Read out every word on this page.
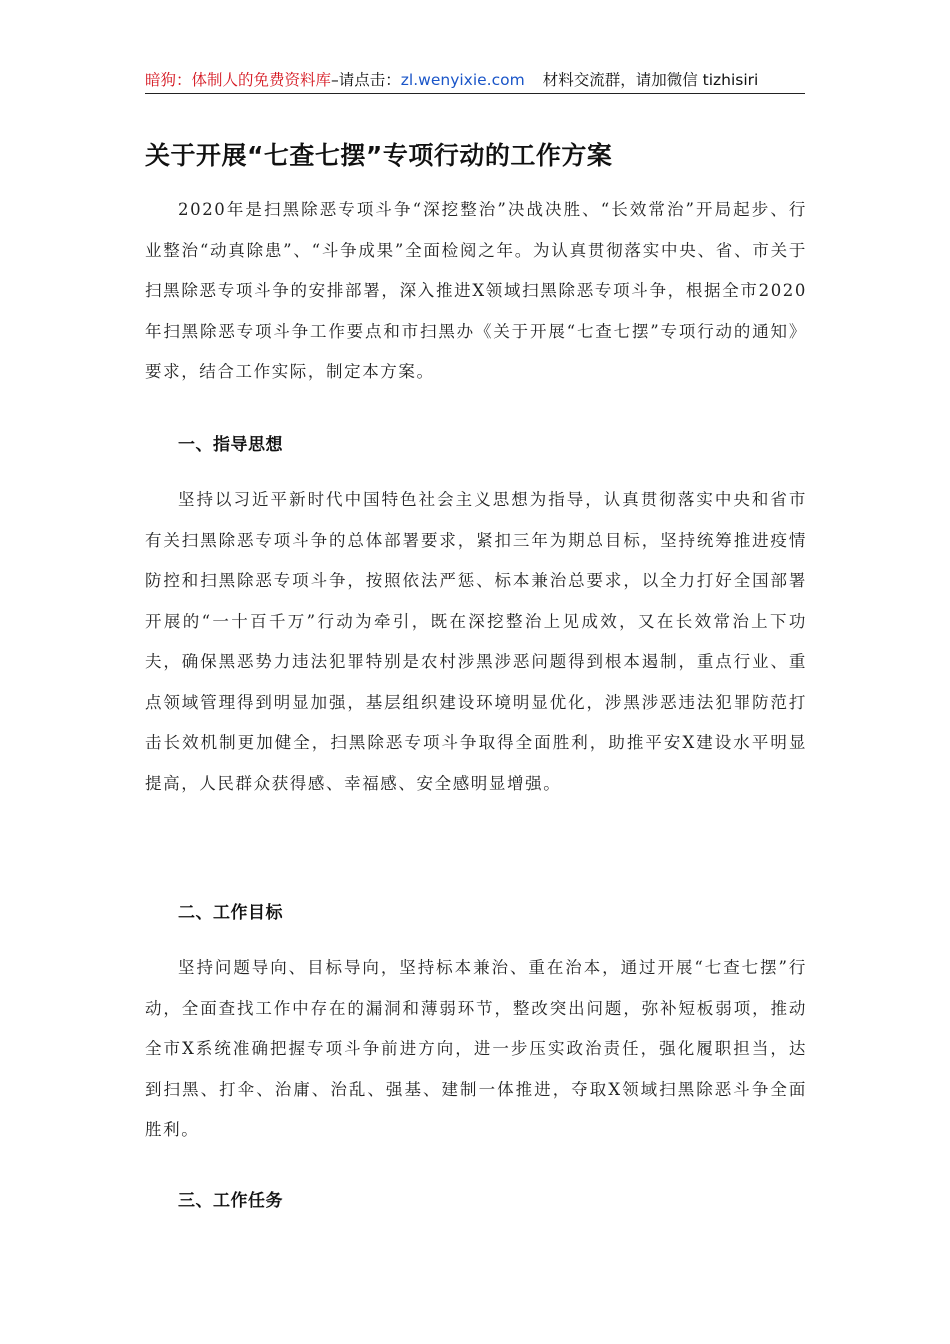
暗狗：体制人的免费资料库–请点击：zl.wenyixie.com 材料交流群，请加微信 tizhisiri
关于开展“七查七摆”专项行动的工作方案

2020年是扫黑除恶专项斗争“深挖整治”决战决胜、“长效常治”开局起步、行业整治“动真除患”、“斗争成果”全面检阅之年。为认真贯彻落实中央、省、市关于扫黑除恶专项斗争的安排部署，深入推进X领域扫黑除恶专项斗争，根据全市2020年扫黑除恶专项斗争工作要点和市扫黑办《关于开展“七查七摆”专项行动的通知》要求，结合工作实际，制定本方案。

一、指导思想

坚持以习近平新时代中国特色社会主义思想为指导，认真贯彻落实中央和省市有关扫黑除恶专项斗争的总体部署要求，紧扣三年为期总目标，坚持统筹推进疫情防控和扫黑除恶专项斗争，按照依法严惩、标本兼治总要求，以全力打好全国部署开展的“一十百千万”行动为牵引，既在深挖整治上见成效，又在长效常治上下功夫，确保黑恶势力违法犯罪特别是农村涉黑涉恶问题得到根本遏制，重点行业、重点领域管理得到明显加强，基层组织建设环境明显优化，涉黑涉恶违法犯罪防范打击长效机制更加健全，扫黑除恶专项斗争取得全面胜利，助推平安X建设水平明显提高，人民群众获得感、幸福感、安全感明显增强。

二、工作目标

坚持问题导向、目标导向，坚持标本兼治、重在治本，通过开展“七查七摆”行动，全面查找工作中存在的漏洞和薄弱环节，整改突出问题，弥补短板弱项，推动全市X系统准确把握专项斗争前进方向，进一步压实政治责任，强化履职担当，达到扫黑、打伞、治庸、治乱、强基、建制一体推进，夺取X领域扫黑除恶斗争全面胜利。

三、工作任务
